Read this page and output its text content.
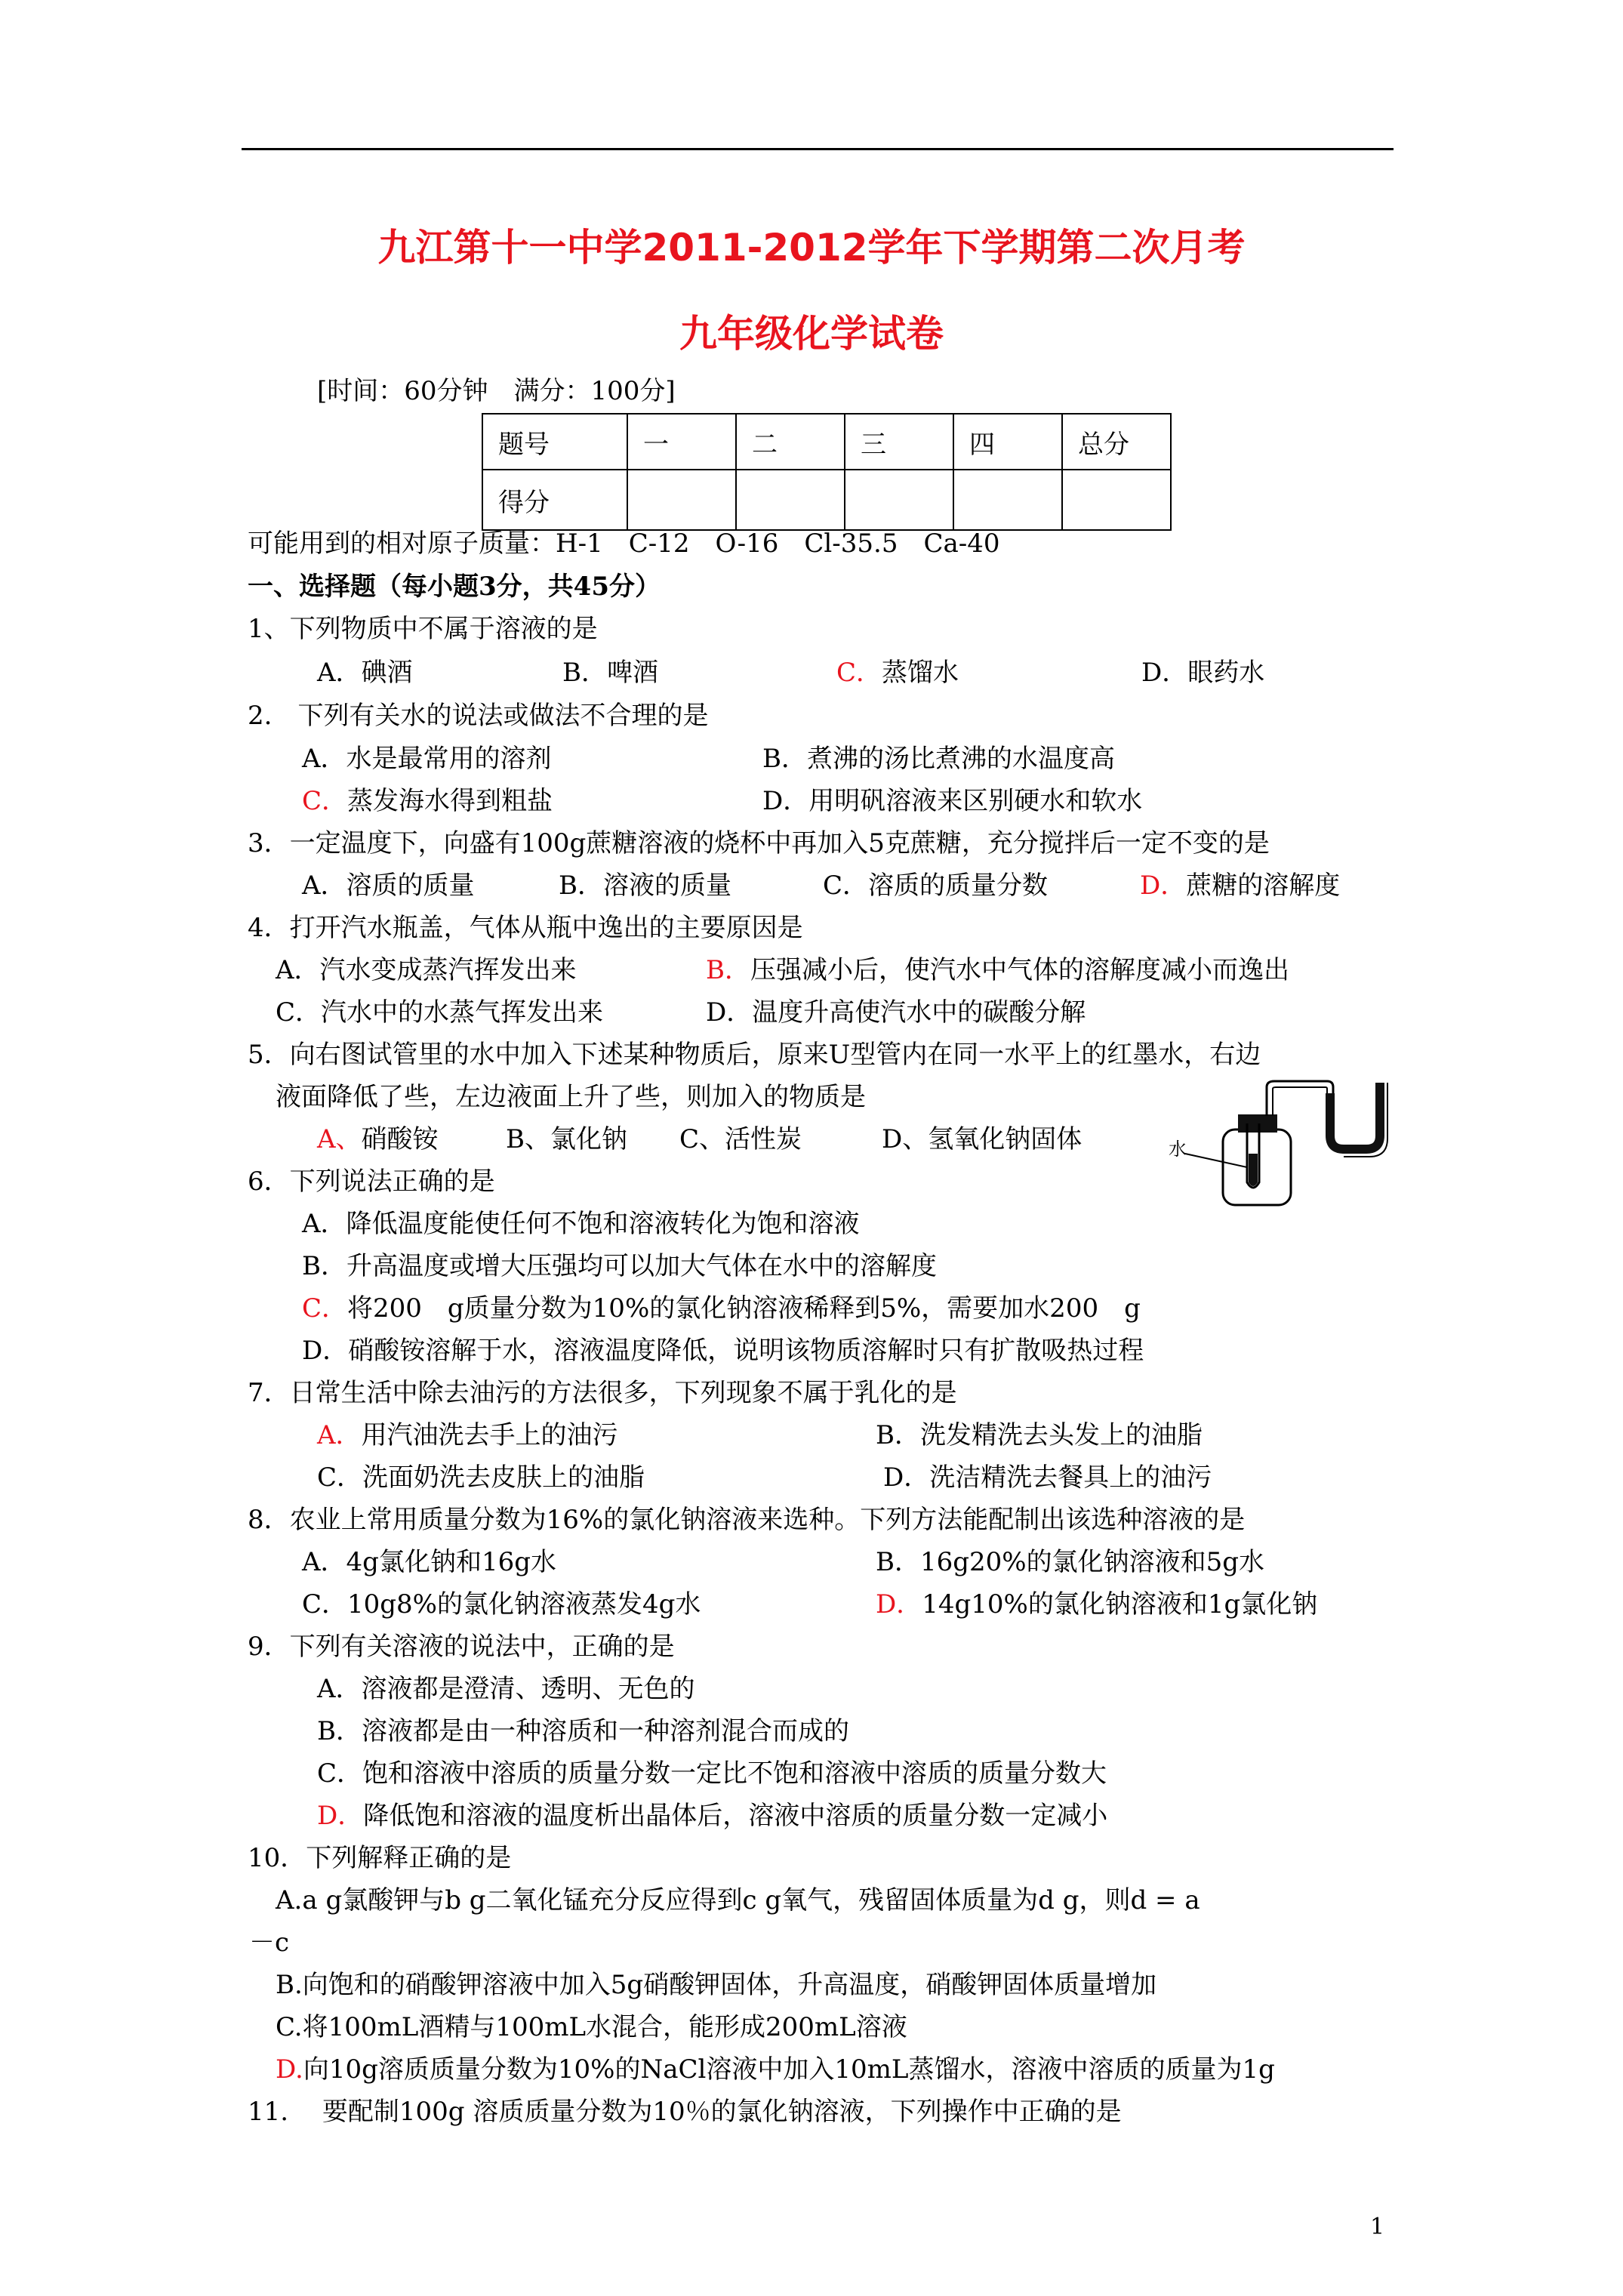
九江第十一中学2011-2012学年下学期第二次月考
九年级化学试卷
[时间：60分钟　满分：100分]
题号	一	二	三	四	总分
得分					
可能用到的相对原子质量：H-1　C-12　O-16　Cl-35.5　Ca-40
一、选择题（每小题3分，共45分）
1、下列物质中不属于溶液的是
A．碘酒	B．啤酒	C．蒸馏水	D．眼药水
2.　下列有关水的说法或做法不合理的是
A．水是最常用的溶剂	B．煮沸的汤比煮沸的水温度高
C．蒸发海水得到粗盐	D．用明矾溶液来区别硬水和软水
3．一定温度下，向盛有100g蔗糖溶液的烧杯中再加入5克蔗糖，充分搅拌后一定不变的是
A．溶质的质量	B．溶液的质量	C．溶质的质量分数	D．蔗糖的溶解度
4．打开汽水瓶盖，气体从瓶中逸出的主要原因是
A．汽水变成蒸汽挥发出来	B．压强减小后，使汽水中气体的溶解度减小而逸出
C．汽水中的水蒸气挥发出来	D．温度升高使汽水中的碳酸分解
5．向右图试管里的水中加入下述某种物质后，原来U型管内在同一水平上的红墨水，右边
液面降低了些，左边液面上升了些，则加入的物质是
A、硝酸铵	B、氯化钠 C、活性炭	D、氢氧化钠固体	水
6．下列说法正确的是
A．降低温度能使任何不饱和溶液转化为饱和溶液
B．升高温度或增大压强均可以加大气体在水中的溶解度
C．将200　g质量分数为10%的氯化钠溶液稀释到5%，需要加水200　g
D．硝酸铵溶解于水，溶液温度降低，说明该物质溶解时只有扩散吸热过程
7．日常生活中除去油污的方法很多，下列现象不属于乳化的是
A．用汽油洗去手上的油污	B．洗发精洗去头发上的油脂
C．洗面奶洗去皮肤上的油脂	D．洗洁精洗去餐具上的油污
8．农业上常用质量分数为16%的氯化钠溶液来选种。下列方法能配制出该选种溶液的是
A．4g氯化钠和16g水	B．16g20%的氯化钠溶液和5g水
C．10g8%的氯化钠溶液蒸发4g水	D．14g10%的氯化钠溶液和1g氯化钠
9．下列有关溶液的说法中，正确的是
A．溶液都是澄清、透明、无色的
B．溶液都是由一种溶质和一种溶剂混合而成的
C．饱和溶液中溶质的质量分数一定比不饱和溶液中溶质的质量分数大
D．降低饱和溶液的温度析出晶体后，溶液中溶质的质量分数一定减小
10．下列解释正确的是
A.a g氯酸钾与b g二氧化锰充分反应得到c g氧气，残留固体质量为d g，则d = a
－c
B.向饱和的硝酸钾溶液中加入5g硝酸钾固体，升高温度，硝酸钾固体质量增加
C.将100mL酒精与100mL水混合，能形成200mL溶液
D.向10g溶质质量分数为10%的NaCl溶液中加入10mL蒸馏水，溶液中溶质的质量为1g
11.　 要配制100g 溶质质量分数为10％的氯化钠溶液，下列操作中正确的是
1
